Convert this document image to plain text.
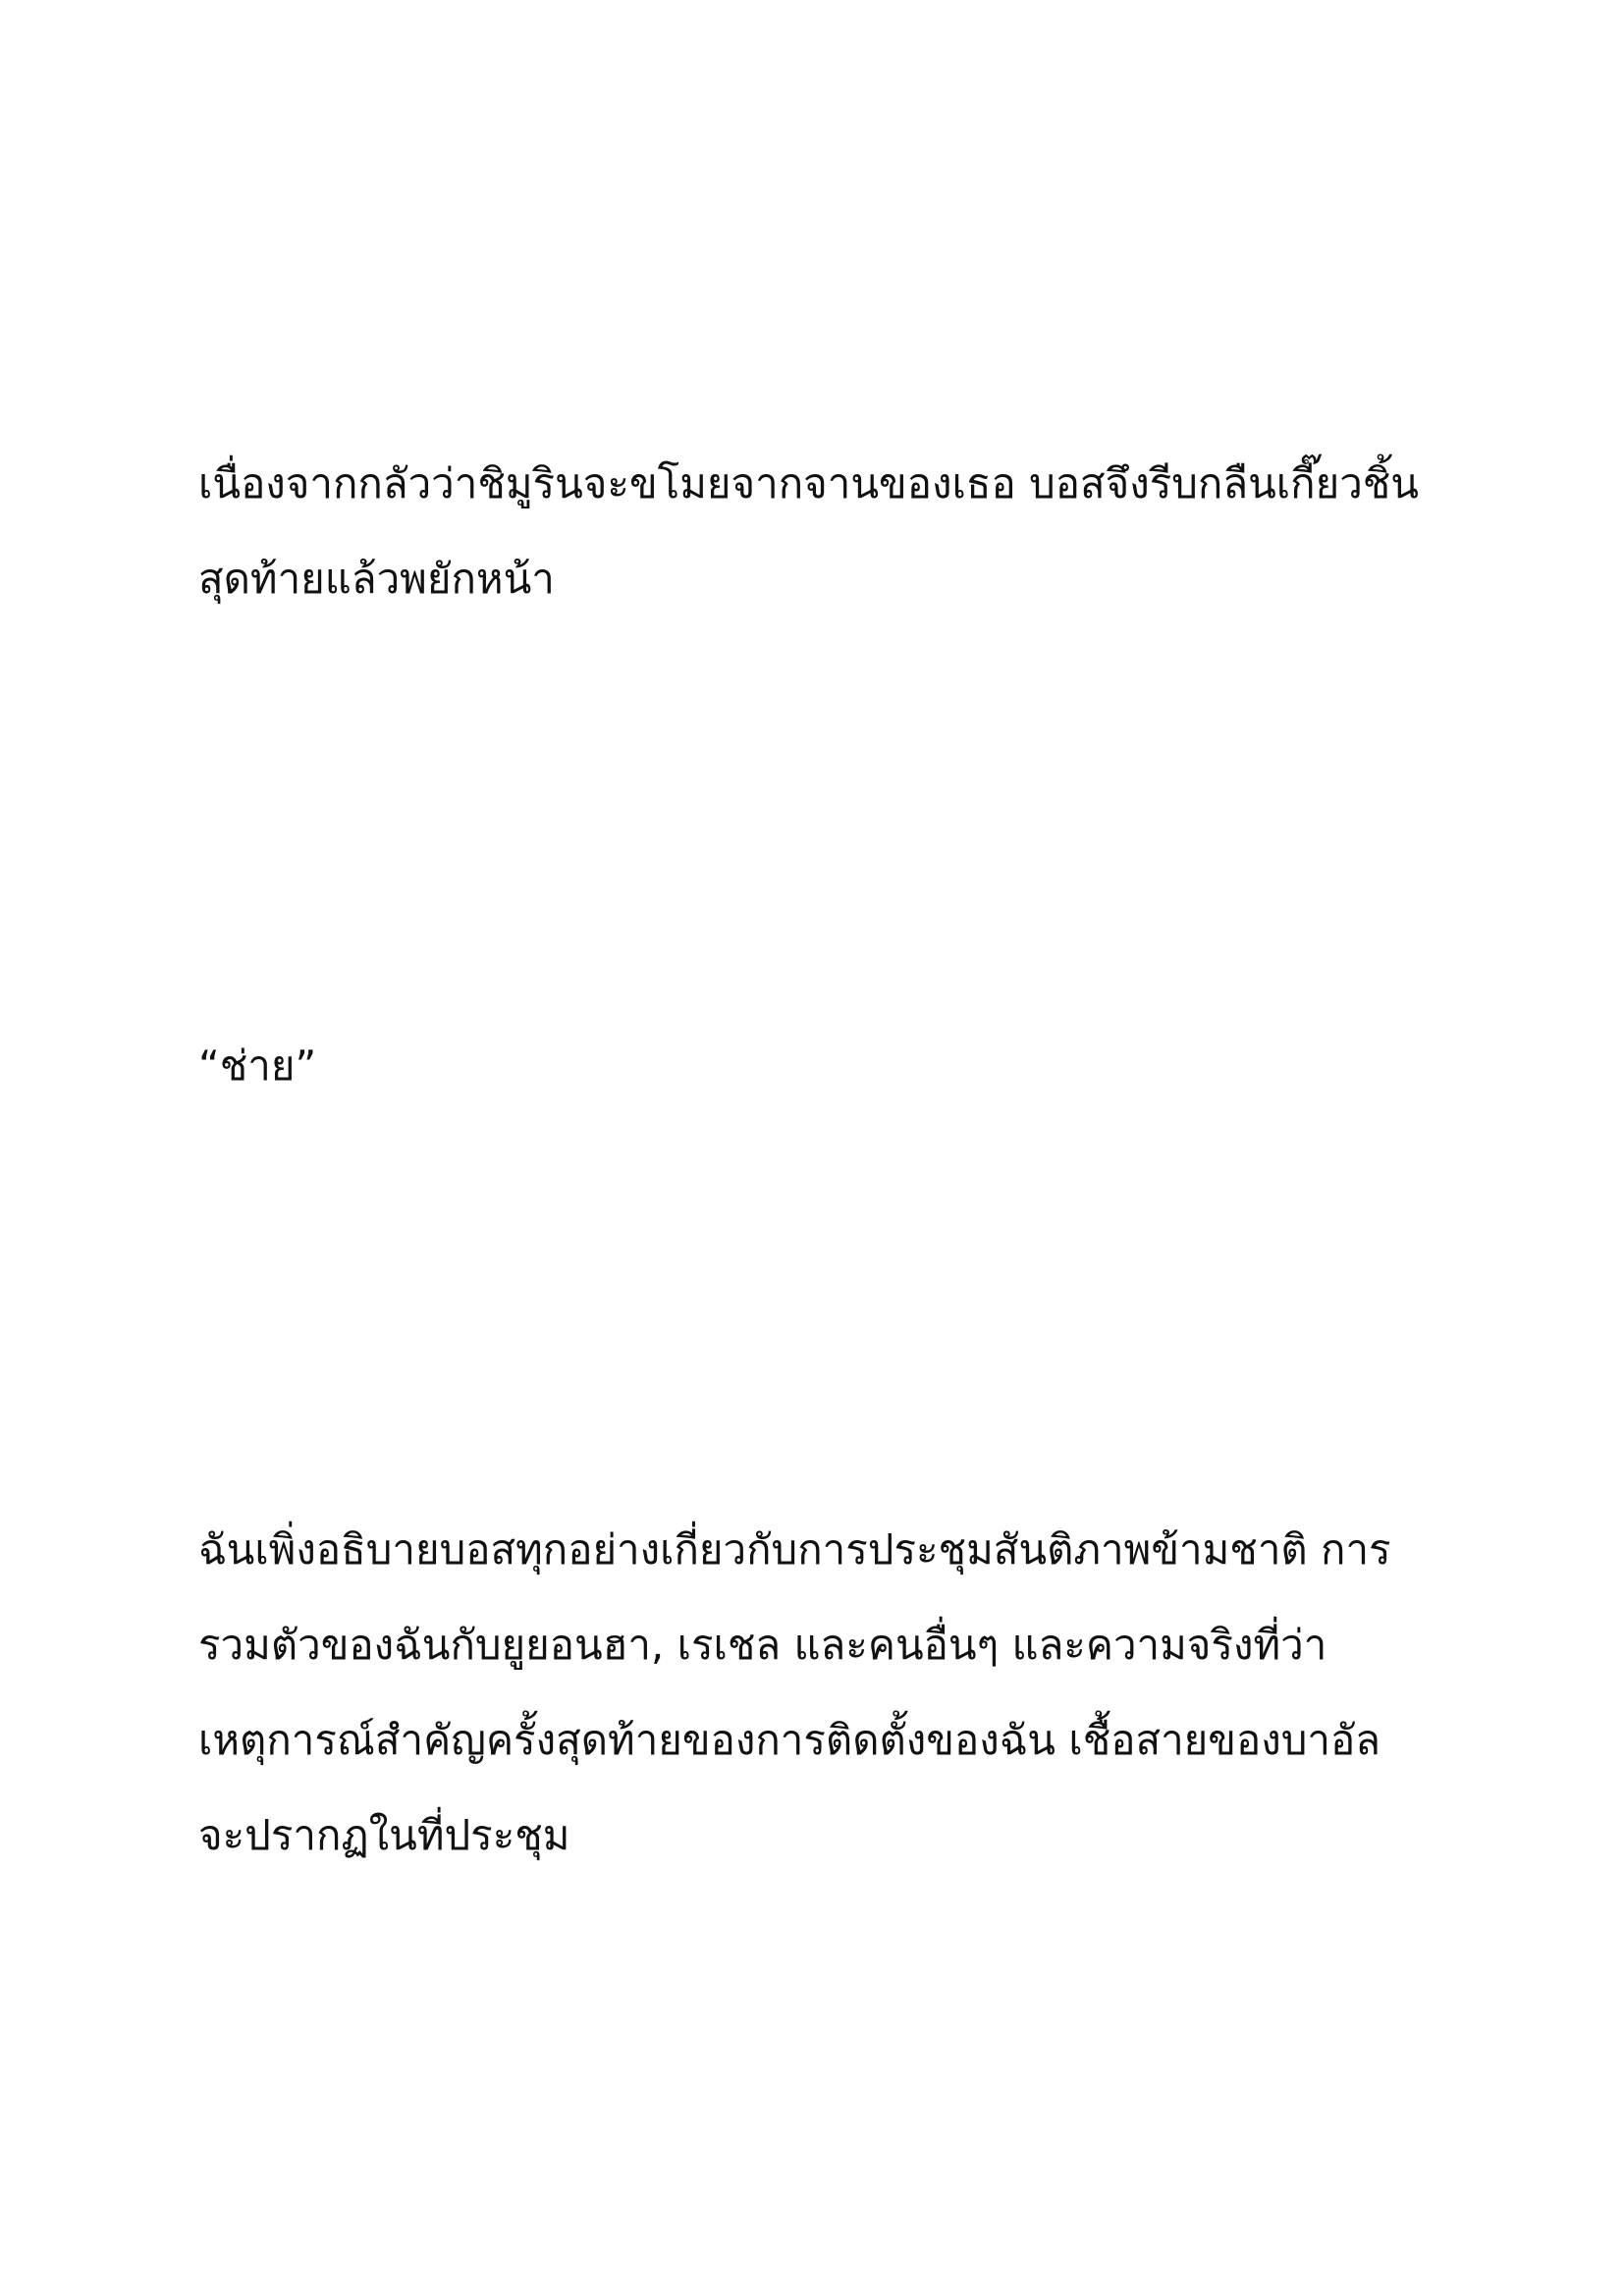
เนื่องจากกลัวว่าชิมูรินจะขโมยจากจานของเธอ บอสจึงรีบกลืนเกี๊ยวชิ้น

สุดท้ายแล้วพยักหน้า

“ช่าย”

ฉันเพิ่งอธิบายบอสทุกอย่างเกี่ยวกับการประชุมสันติภาพข้ามชาติ การ

รวมตัวของฉันกับยูยอนฮา, เรเชล และคนอื่นๆ และความจริงที่ว่า

เหตุการณ์สำคัญครั้งสุดท้ายของการติดตั้งของฉัน เชื้อสายของบาอัล

จะปรากฏในที่ประชุม
